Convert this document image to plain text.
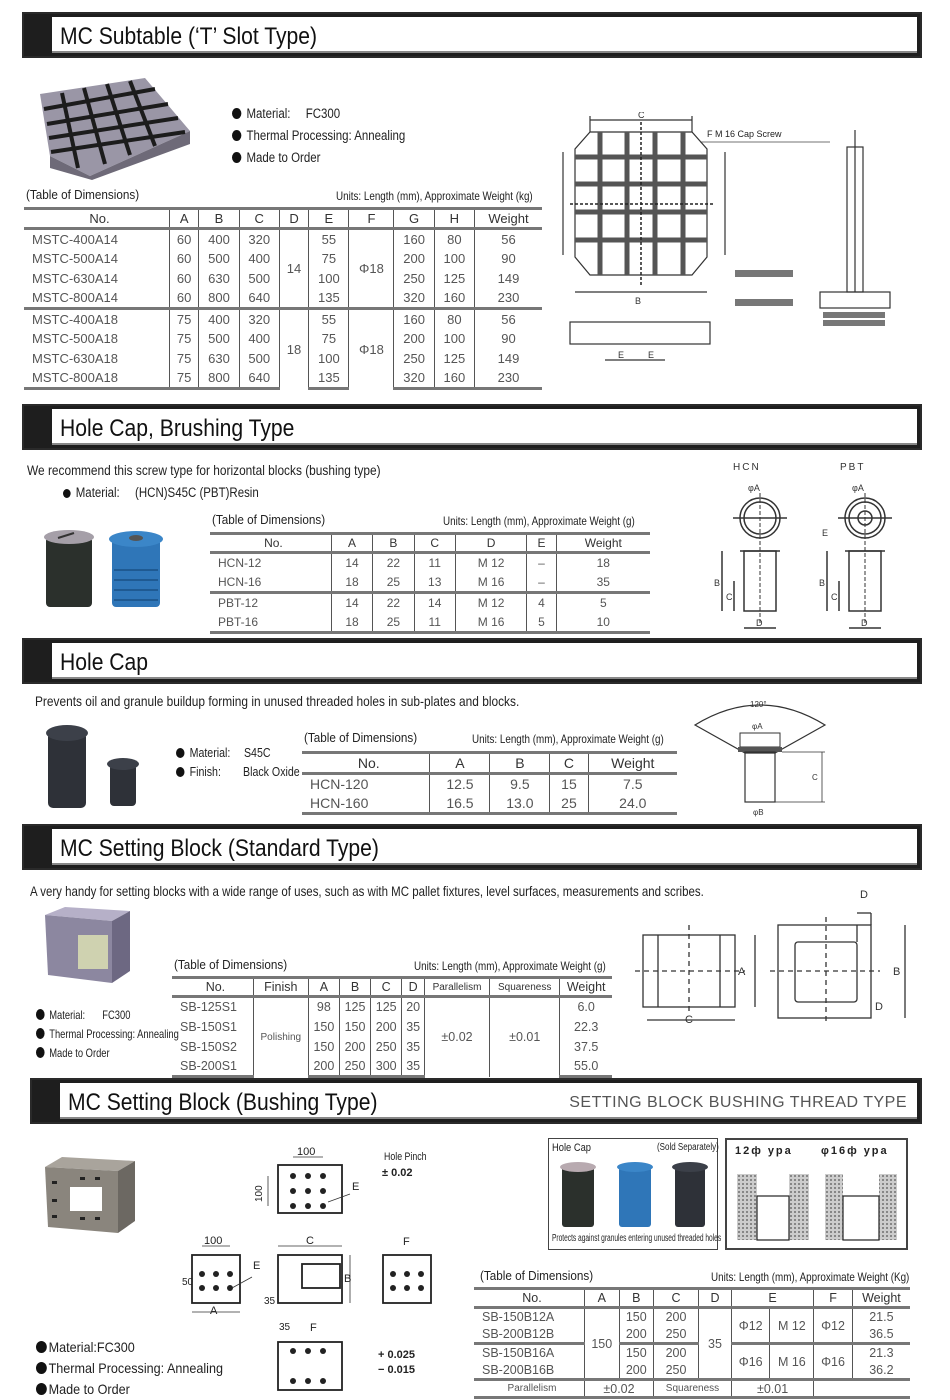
MC Subtable (‘T’ Slot Type)
Material: FC300
Thermal Processing: Annealing
Made to Order
(Table of Dimensions)	Units: Length (mm), Approximate Weight (kg)
No.	A	B	C	D	E	F	G	H	Weight
MSTC-400A14	60	400	320	14	55	Φ18	160	80	56
MSTC-500A14	60	500	400		75		200	100	90
MSTC-630A14	60	630	500		100		250	125	149
MSTC-800A14	60	800	640		135		320	160	230
MSTC-400A18	75	400	320	18	55	Φ18	160	80	56
MSTC-500A18	75	500	400		75		200	100	90
MSTC-630A18	75	630	500		100		250	125	149
MSTC-800A18	75	800	640		135		320	160	230
C
B
F M 16 Cap Screw
E	E
Hole Cap, Brushing Type
We recommend this screw type for horizontal blocks (bushing type)
Material: (HCN)S45C (PBT)Resin
(Table of Dimensions)	Units: Length (mm), Approximate Weight (g)
No.	A	B	C	D	E	Weight
HCN-12	14	22	11	M 12	–	18
HCN-16	18	25	13	M 16	–	35
PBT-12	14	22	14	M 12	4	5
PBT-16	18	25	11	M 16	5	10
HCN	PBT
φA	φA
D	D
B	B
C	C
E
Hole Cap
Prevents oil and granule buildup forming in unused threaded holes in sub-plates and blocks.
Material: S45C
Finish: Black Oxide
(Table of Dimensions)	Units: Length (mm), Approximate Weight (g)
No.	A	B	C	Weight
HCN-120	12.5	9.5	15	7.5
HCN-160	16.5	13.0	25	24.0
120°
φA
C
φB
MC Setting Block (Standard Type)
A very handy for setting blocks with a wide range of uses, such as with MC pallet fixtures, level surfaces, measurements and scribes.
Material: FC300
Thermal Processing: Annealing
Made to Order
(Table of Dimensions)	Units: Length (mm), Approximate Weight (g)
No.	Finish	A	B	C	D	Parallelism	Squareness	Weight
SB-125S1	Polishing	98	125	125	20	±0.02	±0.01	6.0
SB-150S1		150	150	200	35			22.3
SB-150S2		150	200	250	35			37.5
SB-200S1		200	250	300	35			55.0
A
C
B
D
D
MC Setting Block (Bushing Type)	SETTING BLOCK BUSHING THREAD TYPE
100
100
100
50
35
35
A
B
C
E
E
F
F
Hole Pinch
± 0.02
+ 0.025
− 0.015
Material:FC300
Thermal Processing: Annealing
Made to Order
Hole Cap	(Sold Separately)
Protects against granules entering unused threaded holes
12ф ура	φ16ф ура
(Table of Dimensions)	Units: Length (mm), Approximate Weight (Kg)
No.	A	B	C	D	E		F	Weight
SB-150B12A	150	150	200	35	Φ12	M 12	Φ12	21.5
SB-200B12B		200	250					36.5
SB-150B16A		150	200		Φ16	M 16	Φ16	21.3
SB-200B16B		200	250					36.2
Parallelism	±0.02		Squareness		±0.01			
